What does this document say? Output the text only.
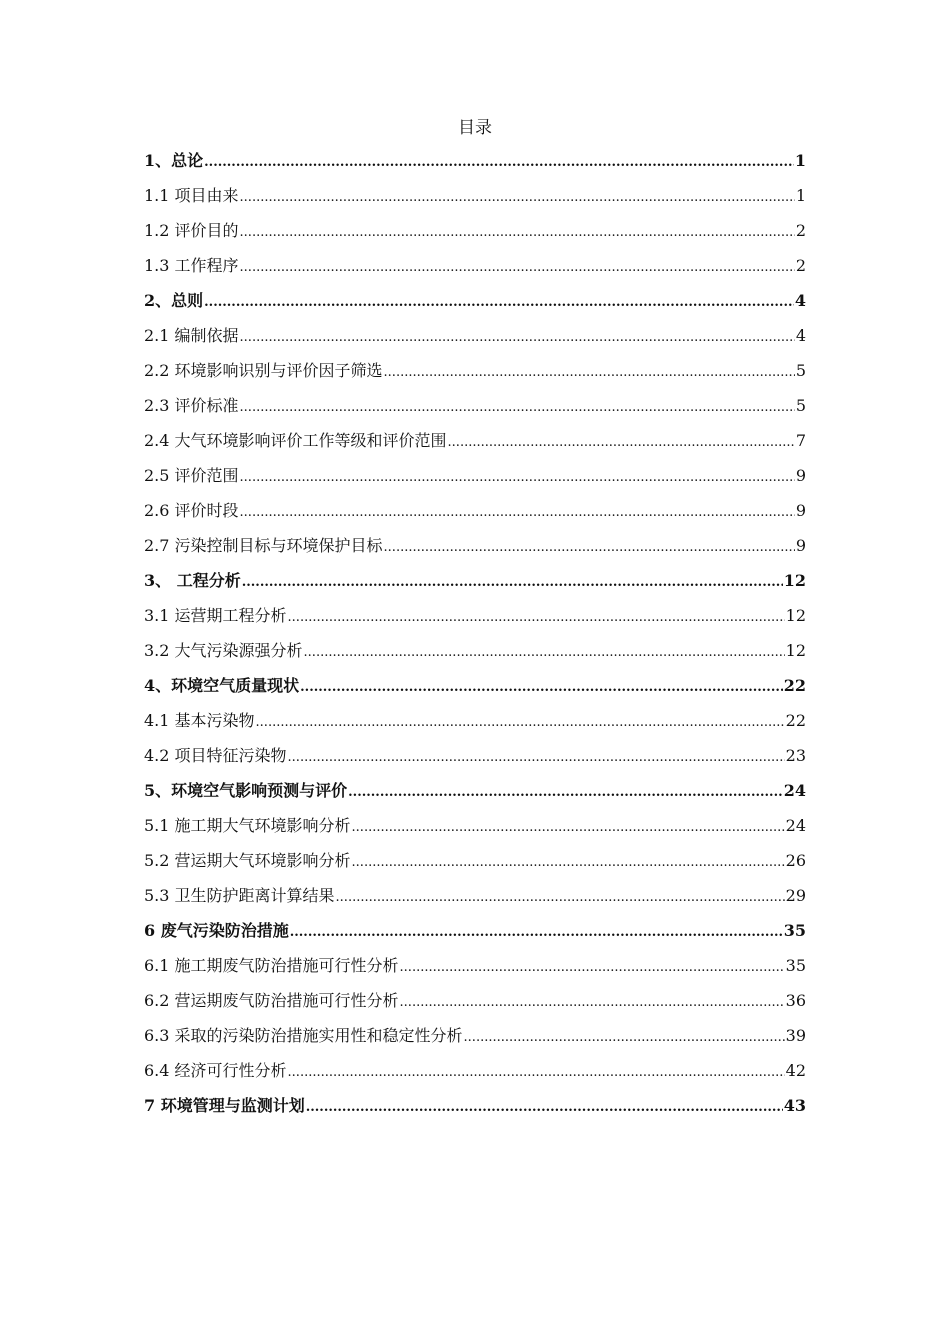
目录
1、总论 .....	1
1.1 项目由来 .....	1
1.2 评价目的 .....	2
1.3 工作程序 .....	2
2、总则 .....	4
2.1 编制依据 .....	4
2.2 环境影响识别与评价因子筛选 .....	5
2.3 评价标准 .....	5
2.4 大气环境影响评价工作等级和评价范围 .....	7
2.5 评价范围 .....	9
2.6 评价时段 .....	9
2.7 污染控制目标与环境保护目标 .....	9
3、 工程分析 .....	12
3.1 运营期工程分析 .....	12
3.2 大气污染源强分析 .....	12
4、环境空气质量现状 .....	22
4.1 基本污染物 .....	22
4.2 项目特征污染物 .....	23
5、环境空气影响预测与评价 .....	24
5.1 施工期大气环境影响分析 .....	24
5.2 营运期大气环境影响分析 .....	26
5.3 卫生防护距离计算结果 .....	29
6 废气污染防治措施 .....	35
6.1 施工期废气防治措施可行性分析 .....	35
6.2 营运期废气防治措施可行性分析 .....	36
6.3 采取的污染防治措施实用性和稳定性分析 .....	39
6.4 经济可行性分析 .....	42
7 环境管理与监测计划 .....	43
